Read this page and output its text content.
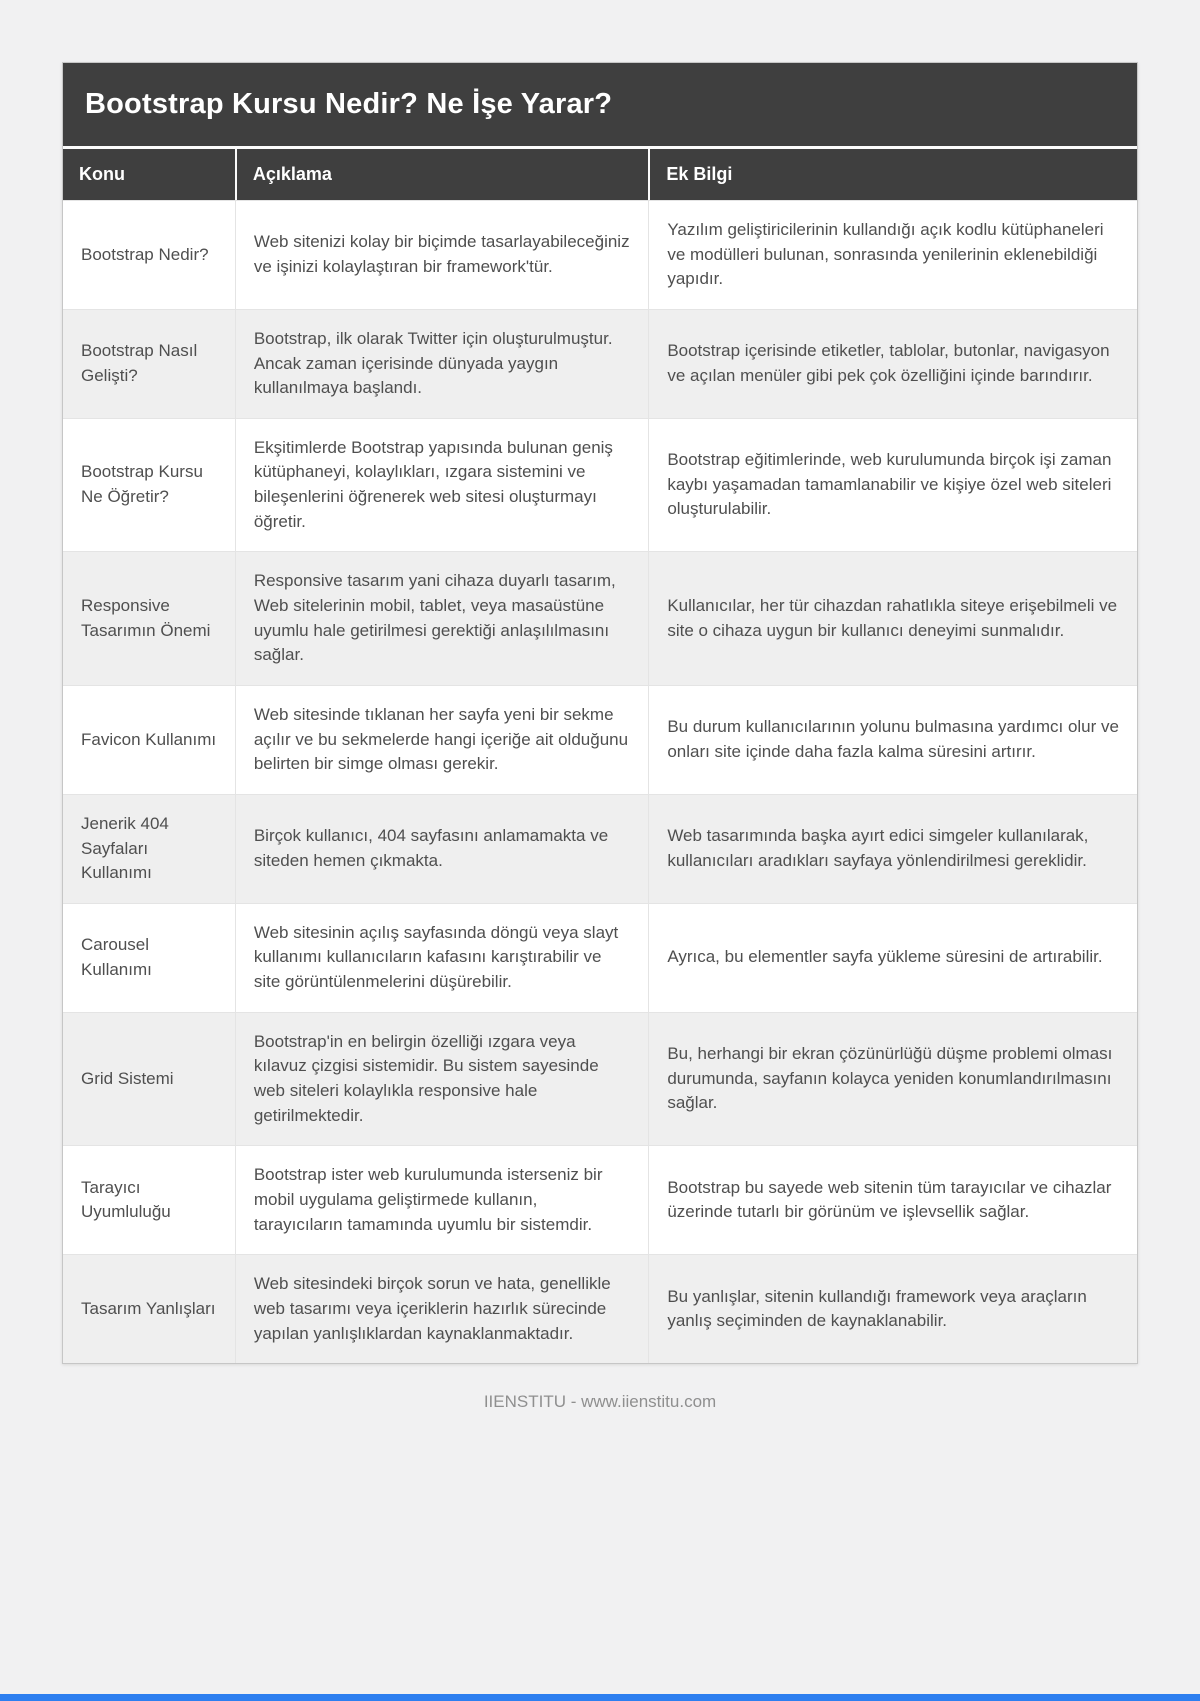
Bootstrap Kursu Nedir? Ne İşe Yarar?
Konu	Açıklama	Ek Bilgi
Bootstrap Nedir?	Web sitenizi kolay bir biçimde tasarlayabileceğiniz ve işinizi kolaylaştıran bir framework'tür.	Yazılım geliştiricilerinin kullandığı açık kodlu kütüphaneleri ve modülleri bulunan, sonrasında yenilerinin eklenebildiği yapıdır.
Bootstrap Nasıl Gelişti?	Bootstrap, ilk olarak Twitter için oluşturulmuştur. Ancak zaman içerisinde dünyada yaygın kullanılmaya başlandı.	Bootstrap içerisinde etiketler, tablolar, butonlar, navigasyon ve açılan menüler gibi pek çok özelliğini içinde barındırır.
Bootstrap Kursu Ne Öğretir?	Ekşitimlerde Bootstrap yapısında bulunan geniş kütüphaneyi, kolaylıkları, ızgara sistemini ve bileşenlerini öğrenerek web sitesi oluşturmayı öğretir.	Bootstrap eğitimlerinde, web kurulumunda birçok işi zaman kaybı yaşamadan tamamlanabilir ve kişiye özel web siteleri oluşturulabilir.
Responsive Tasarımın Önemi	Responsive tasarım yani cihaza duyarlı tasarım, Web sitelerinin mobil, tablet, veya masaüstüne uyumlu hale getirilmesi gerektiği anlaşılılmasını sağlar.	Kullanıcılar, her tür cihazdan rahatlıkla siteye erişebilmeli ve site o cihaza uygun bir kullanıcı deneyimi sunmalıdır.
Favicon Kullanımı	Web sitesinde tıklanan her sayfa yeni bir sekme açılır ve bu sekmelerde hangi içeriğe ait olduğunu belirten bir simge olması gerekir.	Bu durum kullanıcılarının yolunu bulmasına yardımcı olur ve onları site içinde daha fazla kalma süresini artırır.
Jenerik 404 Sayfaları Kullanımı	Birçok kullanıcı, 404 sayfasını anlamamakta ve siteden hemen çıkmakta.	Web tasarımında başka ayırt edici simgeler kullanılarak, kullanıcıları aradıkları sayfaya yönlendirilmesi gereklidir.
Carousel Kullanımı	Web sitesinin açılış sayfasında döngü veya slayt kullanımı kullanıcıların kafasını karıştırabilir ve site görüntülenmelerini düşürebilir.	Ayrıca, bu elementler sayfa yükleme süresini de artırabilir.
Grid Sistemi	Bootstrap'in en belirgin özelliği ızgara veya kılavuz çizgisi sistemidir. Bu sistem sayesinde web siteleri kolaylıkla responsive hale getirilmektedir.	Bu, herhangi bir ekran çözünürlüğü düşme problemi olması durumunda, sayfanın kolayca yeniden konumlandırılmasını sağlar.
Tarayıcı Uyumluluğu	Bootstrap ister web kurulumunda isterseniz bir mobil uygulama geliştirmede kullanın, tarayıcıların tamamında uyumlu bir sistemdir.	Bootstrap bu sayede web sitenin tüm tarayıcılar ve cihazlar üzerinde tutarlı bir görünüm ve işlevsellik sağlar.
Tasarım Yanlışları	Web sitesindeki birçok sorun ve hata, genellikle web tasarımı veya içeriklerin hazırlık sürecinde yapılan yanlışlıklardan kaynaklanmaktadır.	Bu yanlışlar, sitenin kullandığı framework veya araçların yanlış seçiminden de kaynaklanabilir.
IIENSTITU - www.iienstitu.com
